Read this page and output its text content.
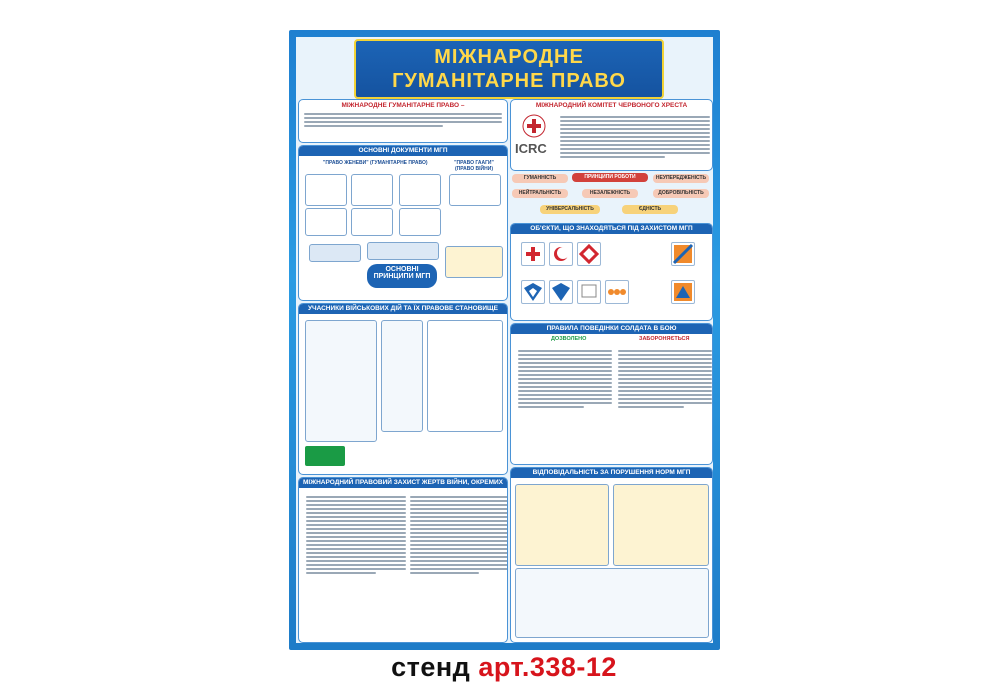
МІЖНАРОДНЕ
ГУМАНІТАРНЕ ПРАВО
МІЖНАРОДНЕ ГУМАНІТАРНЕ ПРАВО –	МІЖНАРОДНИЙ КОМІТЕТ ЧЕРВОНОГО ХРЕСТА
ICRC
ОСНОВНІ ДОКУМЕНТИ МГП
"ПРАВО ЖЕНЕВИ" (ГУМАНІТАРНЕ ПРАВО)	"ПРАВО ГААГИ" (ПРАВО ВІЙНИ)
ОСНОВНІ ПРИНЦИПИ МГП
ПРИНЦИПИ РОБОТИ
ГУМАННІСТЬ	НЕУПЕРЕДЖЕНІСТЬ
НЕЙТРАЛЬНІСТЬ	НЕЗАЛЕЖНІСТЬ	ДОБРОВІЛЬНІСТЬ
УНІВЕРСАЛЬНІСТЬ	ЄДНІСТЬ
ОБ'ЄКТИ, ЩО ЗНАХОДЯТЬСЯ ПІД ЗАХИСТОМ МГП
УЧАСНИКИ ВІЙСЬКОВИХ ДІЙ ТА ЇХ ПРАВОВЕ СТАНОВИЩЕ
ПРАВИЛА ПОВЕДІНКИ СОЛДАТА В БОЮ
ДОЗВОЛЕНО	ЗАБОРОНЯЄТЬСЯ
МІЖНАРОДНИЙ ПРАВОВИЙ ЗАХИСТ ЖЕРТВ ВІЙНИ, ОКРЕМИХ ОБ'ЄКТІВ ТА Н.
ВІДПОВІДАЛЬНІСТЬ ЗА ПОРУШЕННЯ НОРМ МГП
стенд арт.338-12
